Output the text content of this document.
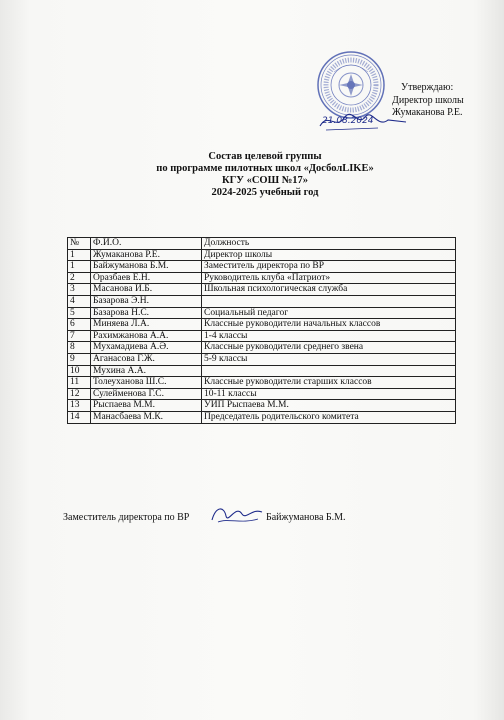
Утверждаю:
Директор школы
Жумаканова Р.Е.
21.08.2024
Состав целевой группы
по программе пилотных школ «ДосболLIKE»
КГУ «СОШ №17»
2024-2025 учебный год
№	Ф.И.О.	Должность
1	Жумаканова Р.Е.	Директор школы
1	Байжуманова Б.М.	Заместитель директора по ВР
2	Оразбаев Е.Н.	Руководитель клуба «Патриот»
3	Масанова И.Б.	Школьная психологическая служба
4	Базарова Э.Н.	
5	Базарова Н.С.	Социальный педагог
6	Миняева Л.А.	Классные руководители начальных классов
7	Рахимжанова А.А.	1-4 классы
8	Мухамадиева А.Ә.	Классные руководители среднего звена
9	Аганасова Г.Ж.	5-9 классы
10	Мухина А.А.	
11	Толеуханова Ш.С.	Классные руководители старших классов
12	Сулейменова Г.С.	10-11 классы
13	Рыспаева М.М.	УИП Рыспаева М.М.
14	Манасбаева М.К.	Председатель родительского комитета
Заместитель директора по ВР	Байжуманова Б.М.
